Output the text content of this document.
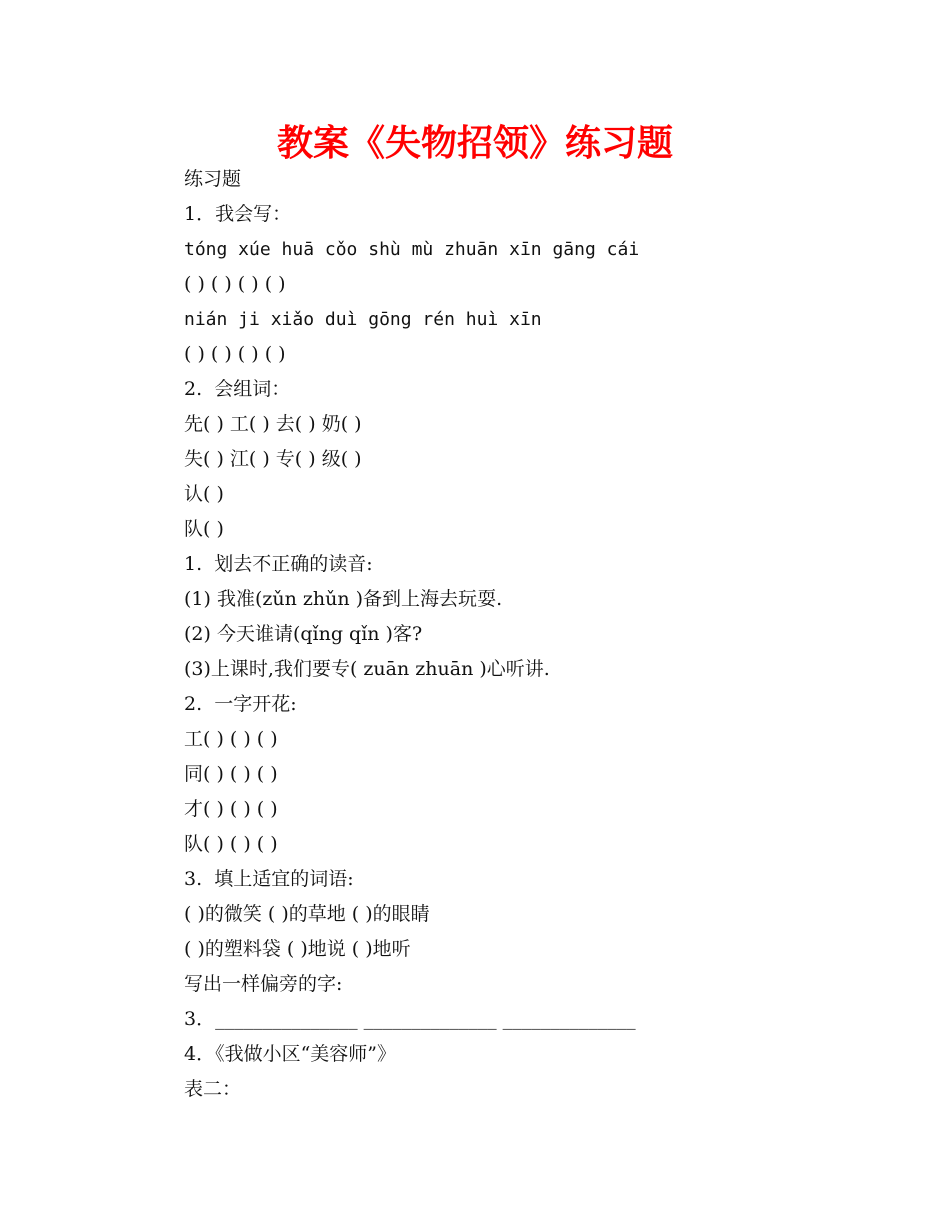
教案《失物招领》练习题
练习题
1．我会写：
tóng xúe huā cǒo shù mù zhuān xīn gāng cái
( ) ( ) ( ) ( )
nián ji xiǎo duì gōng rén huì xīn
( ) ( ) ( ) ( )
2.  会组词：
先( ) 工( ) 去( ) 奶( )
失( ) 江( ) 专( ) 级( )
认( )
队( )
1.  划去不正确的读音:
(1) 我准(zǔn zhǔn )备到上海去玩耍.
(2) 今天谁请(qǐng qǐn )客?
(3)上课时,我们要专( zuān zhuān )心听讲.
2.  一字开花:
工( ) ( ) ( )
同( ) ( ) ( )
才( ) ( ) ( )
队( ) ( ) ( )
3.  填上适宜的词语:
( )的微笑 ( )的草地 ( )的眼睛
( )的塑料袋 ( )地说 ( )地听
写出一样偏旁的字:
3．_______________ ______________ ______________
4．《我做小区“美容师”》
表二：
